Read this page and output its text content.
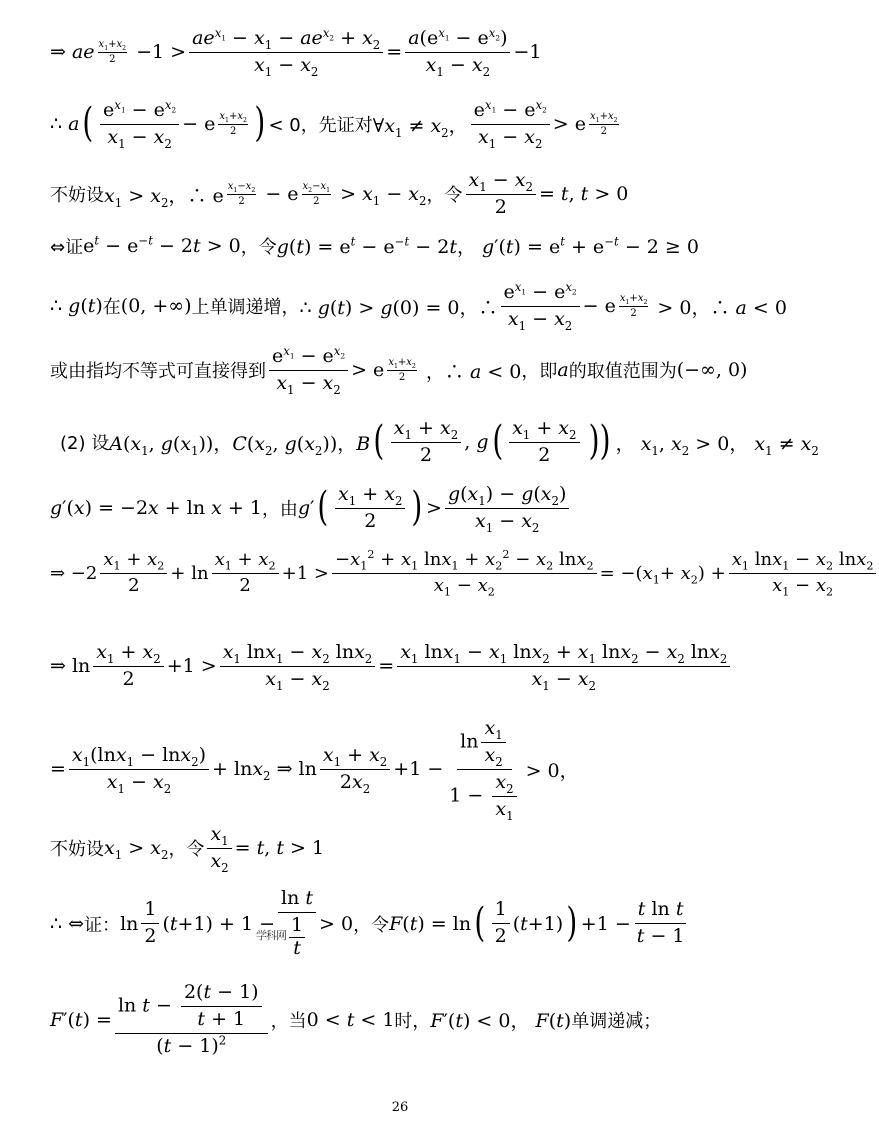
⇒ ae $\frac{x_1+x_2}{2} -1 > \frac{ae^{x_1} - x_1 - ae^{x_2} + x_2}{x_1 - x_2} = \frac{a(e^{x_1} - e^{x_2})}{x_1 - x_2} -1$
∴ a ( $\frac{e^{x_1} - e^{x_2}}{x_1 - x_2} - e \frac{x_1+x_2}{2}$ ) < 0，先证对 $\forall x_1 \ne x_2$， $\frac{e^{x_1} - e^{x_2}}{x_1 - x_2} > e \frac{x_1+x_2}{2}$
不妨设 $x_1 > x_2$，∴ e $\frac{x_1-x_2}{2} - e \frac{x_2-x_1}{2} > x_1 - x_2$ ，令 $\frac{x_1 - x_2}{2} = t$, t > 0
⇔证 $e^t - e^{-t} - 2t > 0$ ，令 $g(t) = e^t - e^{-t} - 2t$， $g'(t) = e^t + e^{-t} - 2 \ge 0$
∴ g(t) 在 (0, +∞) 上单调递增， ∴ g(t) > g(0) = 0，∴ $\frac{e^{x_1} - e^{x_2}}{x_1 - x_2} - e \frac{x_1+x_2}{2} > 0$，∴ a < 0
或由指均不等式可直接得到 $\frac{e^{x_1} - e^{x_2}}{x_1 - x_2} > e \frac{x_1+x_2}{2}$ ，∴ a < 0 ，即 a 的取值范围为 (−∞, 0)
(2) 设 $A(x_1$, $g(x_1)$)，$C(x_2$, $g(x_2)$)，B ( $\frac{x_1 + x_2}{2}$ , g ( $\frac{x_1 + x_2}{2}$ )) ， $x_1$, $x_2 > 0$， $x_1 \ne x_2$
g′(x) = −2x + ln x + 1 ，由 g′ ( $\frac{x_1 + x_2}{2}$ ) > $\frac{g(x_1) - g(x_2)}{x_1 - x_2}$
⇒ $-2 \frac{x_1 + x_2}{2} + \ln \frac{x_1 + x_2}{2} +1 > \frac{-x_1^2 + x_1 \ln x_1 + x_2^2 - x_2 \ln x_2}{x_1 - x_2} = -(x_1+ x_2) + \frac{x_1 \ln x_1 - x_2 \ln x_2}{x_1 - x_2}$
⇒ $\ln \frac{x_1 + x_2}{2} +1 > \frac{x_1 \ln x_1 - x_2 \ln x_2}{x_1 - x_2} = \frac{x_1 \ln x_1 - x_1 \ln x_2 + x_1 \ln x_2 - x_2 \ln x_2}{x_1 - x_2}$
= $\frac{x_1(\ln x_1 - \ln x_2)}{x_1 - x_2} + \ln x_2$ ⇒ $\ln \frac{x_1 + x_2}{2x_2} +1 - \frac{\ln \frac{x_1}{x_2}}{1 - \frac{x_2}{x_1}} > 0$，
不妨设 $x_1 > x_2$ ，令 $\frac{x_1}{x_2} = t$, t > 1
∴ ⇔ 证： $\ln \frac{1}{2} (t+1) + 1 - \ln t$
1
t > 0 ，令 F(t) = ln ( $\frac{1}{2} (t+1)$ ) $+1 - \frac{\text{t ln t}}{t - 1}$
学科网
$F'(t) = \frac{\ln t - \frac{2(t - 1)}{t + 1}}{(t - 1)^2}$ ，当 0 < t < 1 时， F′(t) < 0， F(t) 单调递减；
26
